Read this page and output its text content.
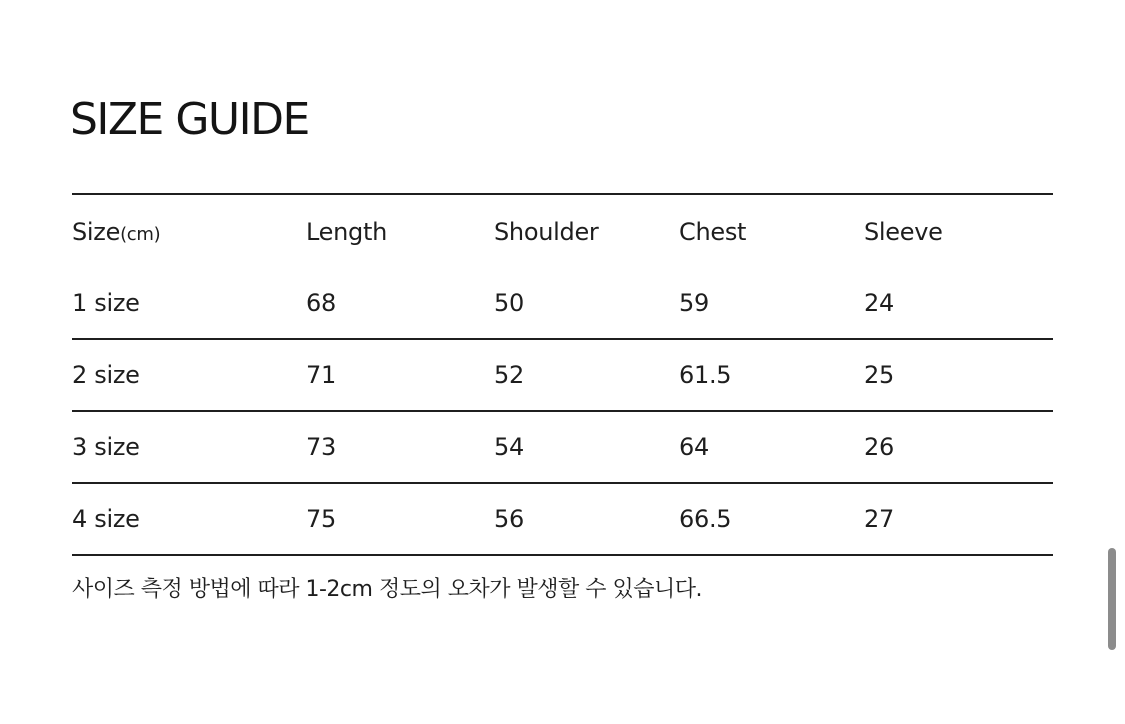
SIZE GUIDE
Size(cm)	Length	Shoulder	Chest	Sleeve
1 size	68	50	59	24
2 size	71	52	61.5	25
3 size	73	54	64	26
4 size	75	56	66.5	27

사이즈 측정 방법에 따라 1-2cm 정도의 오차가 발생할 수 있습니다.
